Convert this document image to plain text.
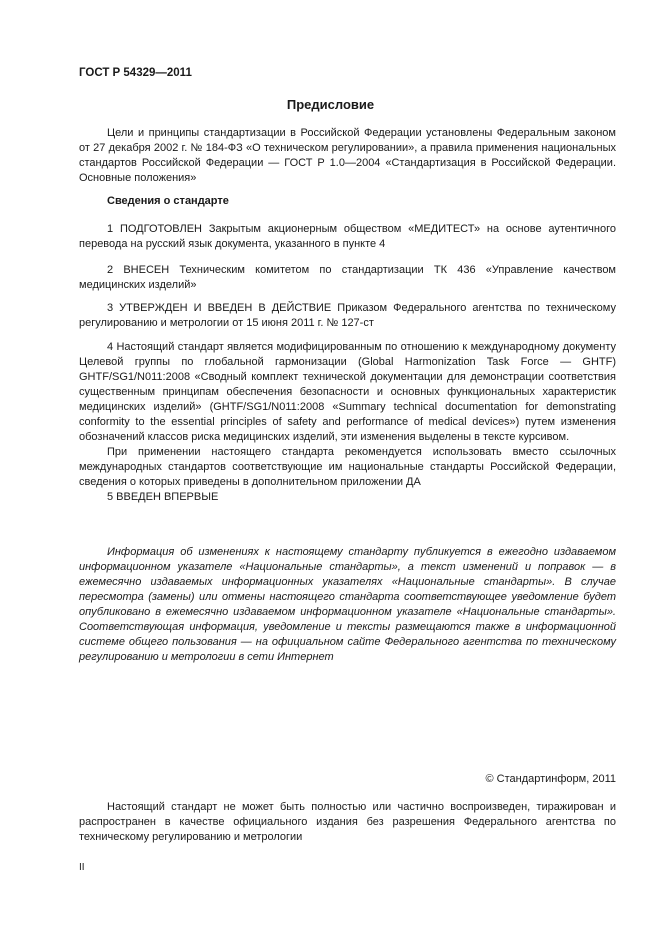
ГОСТ Р 54329—2011
Предисловие

Цели и принципы стандартизации в Российской Федерации установлены Федеральным законом от 27 декабря 2002 г. № 184-ФЗ «О техническом регулировании», а правила применения национальных стандартов Российской Федерации — ГОСТ Р 1.0—2004 «Стандартизация в Российской Федерации. Основные положения»

Сведения о стандарте

1 ПОДГОТОВЛЕН Закрытым акционерным обществом «МЕДИТЕСТ» на основе аутентичного перевода на русский язык документа, указанного в пункте 4

2 ВНЕСЕН Техническим комитетом по стандартизации ТК 436 «Управление качеством медицинских изделий»

3 УТВЕРЖДЕН И ВВЕДЕН В ДЕЙСТВИЕ Приказом Федерального агентства по техническому регулированию и метрологии от 15 июня 2011 г. № 127-ст

4 Настоящий стандарт является модифицированным по отношению к международному документу Целевой группы по глобальной гармонизации (Global Harmonization Task Force — GHTF) GHTF/SG1/N011:2008 «Сводный комплект технической документации для демонстрации соответствия существенным принципам обеспечения безопасности и основных функциональных характеристик медицинских изделий» (GHTF/SG1/N011:2008 «Summary technical documentation for demonstrating conformity to the essential principles of safety and performance of medical devices») путем изменения обозначений классов риска медицинских изделий, эти изменения выделены в тексте курсивом.

При применении настоящего стандарта рекомендуется использовать вместо ссылочных международных стандартов соответствующие им национальные стандарты Российской Федерации, сведения о которых приведены в дополнительном приложении ДА

5 ВВЕДЕН ВПЕРВЫЕ

Информация об изменениях к настоящему стандарту публикуется в ежегодно издаваемом информационном указателе «Национальные стандарты», а текст изменений и поправок — в ежемесячно издаваемых информационных указателях «Национальные стандарты». В случае пересмотра (замены) или отмены настоящего стандарта соответствующее уведомление будет опубликовано в ежемесячно издаваемом информационном указателе «Национальные стандарты». Соответствующая информация, уведомление и тексты размещаются также в информационной системе общего пользования — на официальном сайте Федерального агентства по техническому регулированию и метрологии в сети Интернет

© Стандартинформ, 2011

Настоящий стандарт не может быть полностью или частично воспроизведен, тиражирован и распространен в качестве официального издания без разрешения Федерального агентства по техническому регулированию и метрологии

II
